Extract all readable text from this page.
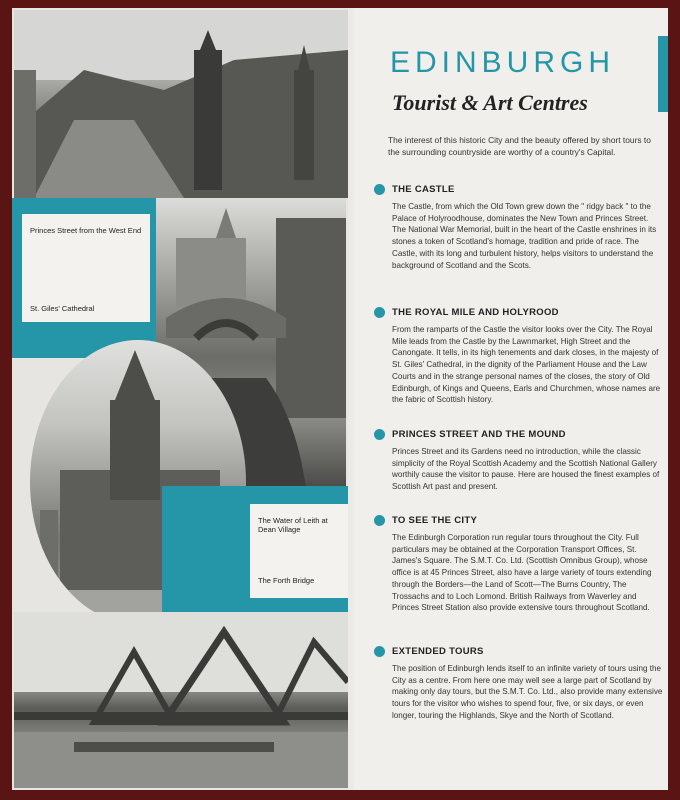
Princes Street from the West End
St. Giles' Cathedral
The Water of Leith at Dean Village
The Forth Bridge
EDINBURGH
Tourist & Art Centres
The interest of this historic City and the beauty offered by short tours to the surrounding countryside are worthy of a country's Capital.
THE CASTLE
The Castle, from which the Old Town grew down the " ridgy back " to the Palace of Holyroodhouse, dominates the New Town and Princes Street. The National War Memorial, built in the heart of the Castle enshrines in its stones a token of Scotland's homage, tradition and pride of race. The Castle, with its long and turbulent history, helps visitors to understand the background of Scotland and the Scots.
THE ROYAL MILE AND HOLYROOD
From the ramparts of the Castle the visitor looks over the City. The Royal Mile leads from the Castle by the Lawnmarket, High Street and the Canongate. It tells, in its high tenements and dark closes, in the majesty of St. Giles' Cathedral, in the dignity of the Parliament House and the Law Courts and in the strange personal names of the closes, the story of Old Edinburgh, of Kings and Queens, Earls and Churchmen, whose names are the fabric of Scottish history.
PRINCES STREET AND THE MOUND
Princes Street and its Gardens need no introduction, while the classic simplicity of the Royal Scottish Academy and the Scottish National Gallery worthily cause the visitor to pause. Here are housed the finest examples of Scottish Art past and present.
TO SEE THE CITY
The Edinburgh Corporation run regular tours throughout the City. Full particulars may be obtained at the Corporation Transport Offices, St. James's Square. The S.M.T. Co. Ltd. (Scottish Omnibus Group), whose office is at 45 Princes Street, also have a large variety of tours extending through the Borders—the Land of Scott—The Burns Country, The Trossachs and to Loch Lomond. British Railways from Waverley and Princes Street Station also provide extensive tours throughout Scotland.
EXTENDED TOURS
The position of Edinburgh lends itself to an infinite variety of tours using the City as a centre. From here one may well see a large part of Scotland by making only day tours, but the S.M.T. Co. Ltd., also provide many extensive tours for the visitor who wishes to spend four, five, or six days, or even longer, touring the Highlands, Skye and the North of Scotland.
